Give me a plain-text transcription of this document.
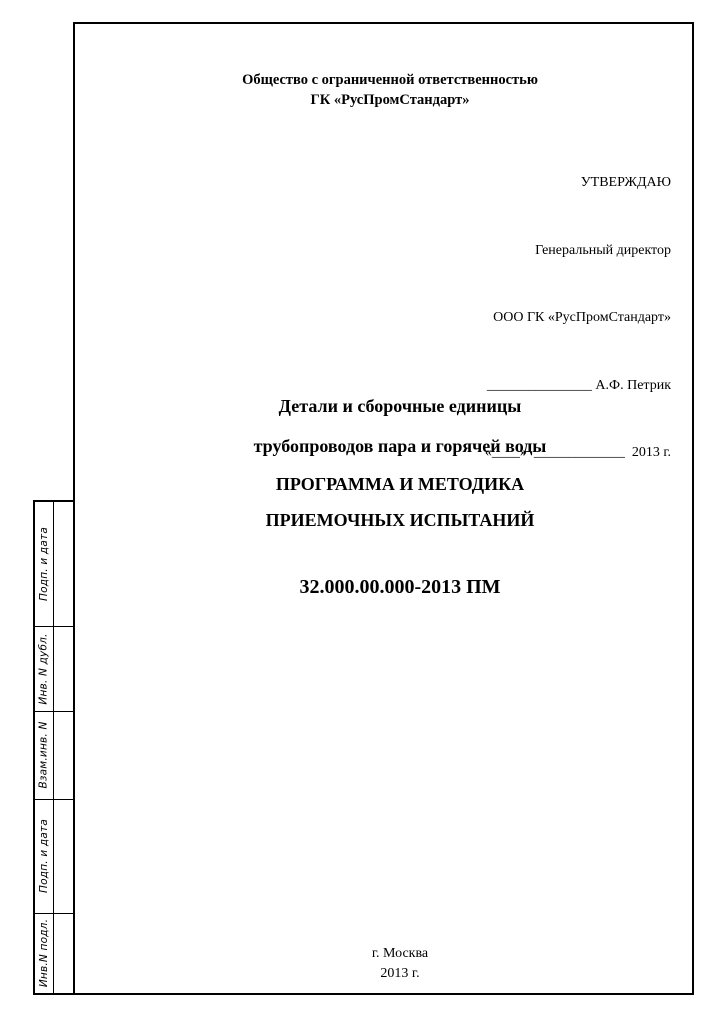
Подп. и дата
Инв. N дубл.
Взам.инв. N
Подп. и дата
Инв.N подл.
Общество с ограниченной ответственностью
ГК «РусПромСтандарт»

УТВЕРЖДАЮ

Генеральный директор

ООО ГК «РусПромСтандарт»

_______________ А.Ф. Петрик

«____»  _____________  2013 г.

Детали и сборочные единицы
трубопроводов пара и горячей воды
ПРОГРАММА И МЕТОДИКА
ПРИЕМОЧНЫХ ИСПЫТАНИЙ
32.000.00.000-2013 ПМ
г. Москва
2013 г.
